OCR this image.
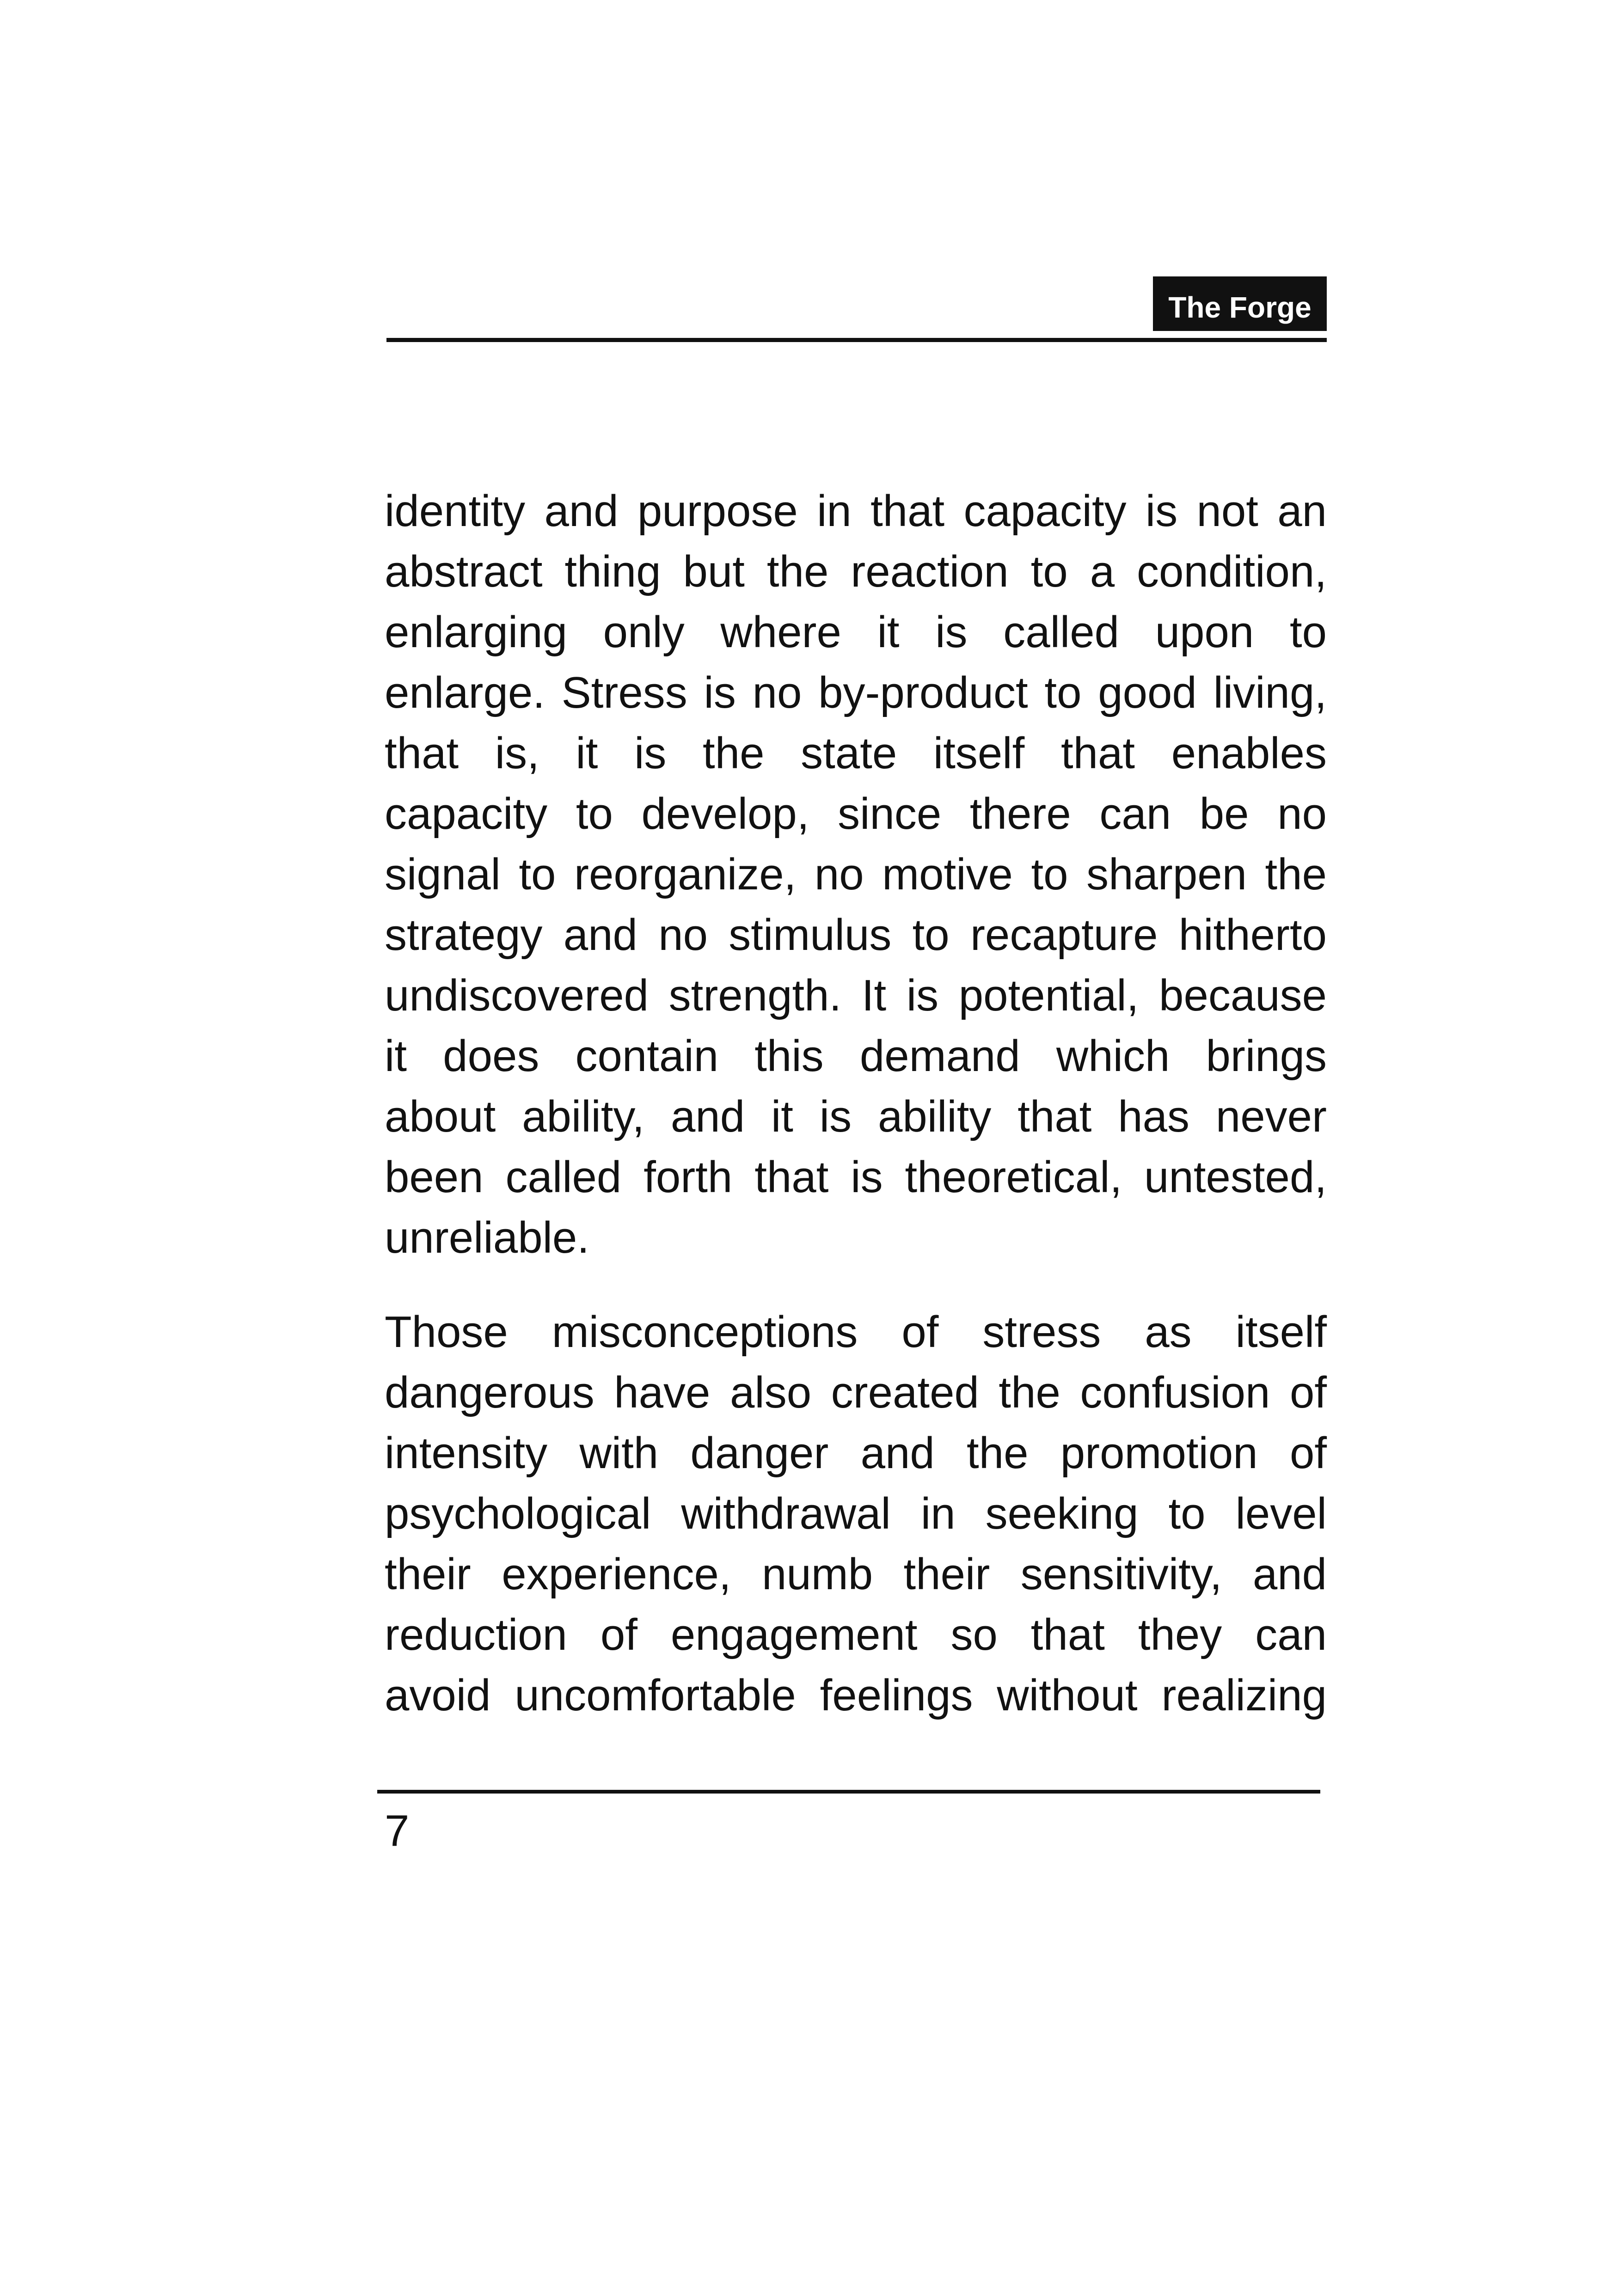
The Forge
identity and purpose in that capacity is not an
abstract thing but the reaction to a condition,
enlarging only where it is called upon to
enlarge. Stress is no by-product to good living,
that is, it is the state itself that enables
capacity to develop, since there can be no
signal to reorganize, no motive to sharpen the
strategy and no stimulus to recapture hitherto
undiscovered strength. It is potential, because
it does contain this demand which brings
about ability, and it is ability that has never
been called forth that is theoretical, untested,
unreliable.
Those misconceptions of stress as itself
dangerous have also created the confusion of
intensity with danger and the promotion of
psychological withdrawal in seeking to level
their experience, numb their sensitivity, and
reduction of engagement so that they can
avoid uncomfortable feelings without realizing
7
